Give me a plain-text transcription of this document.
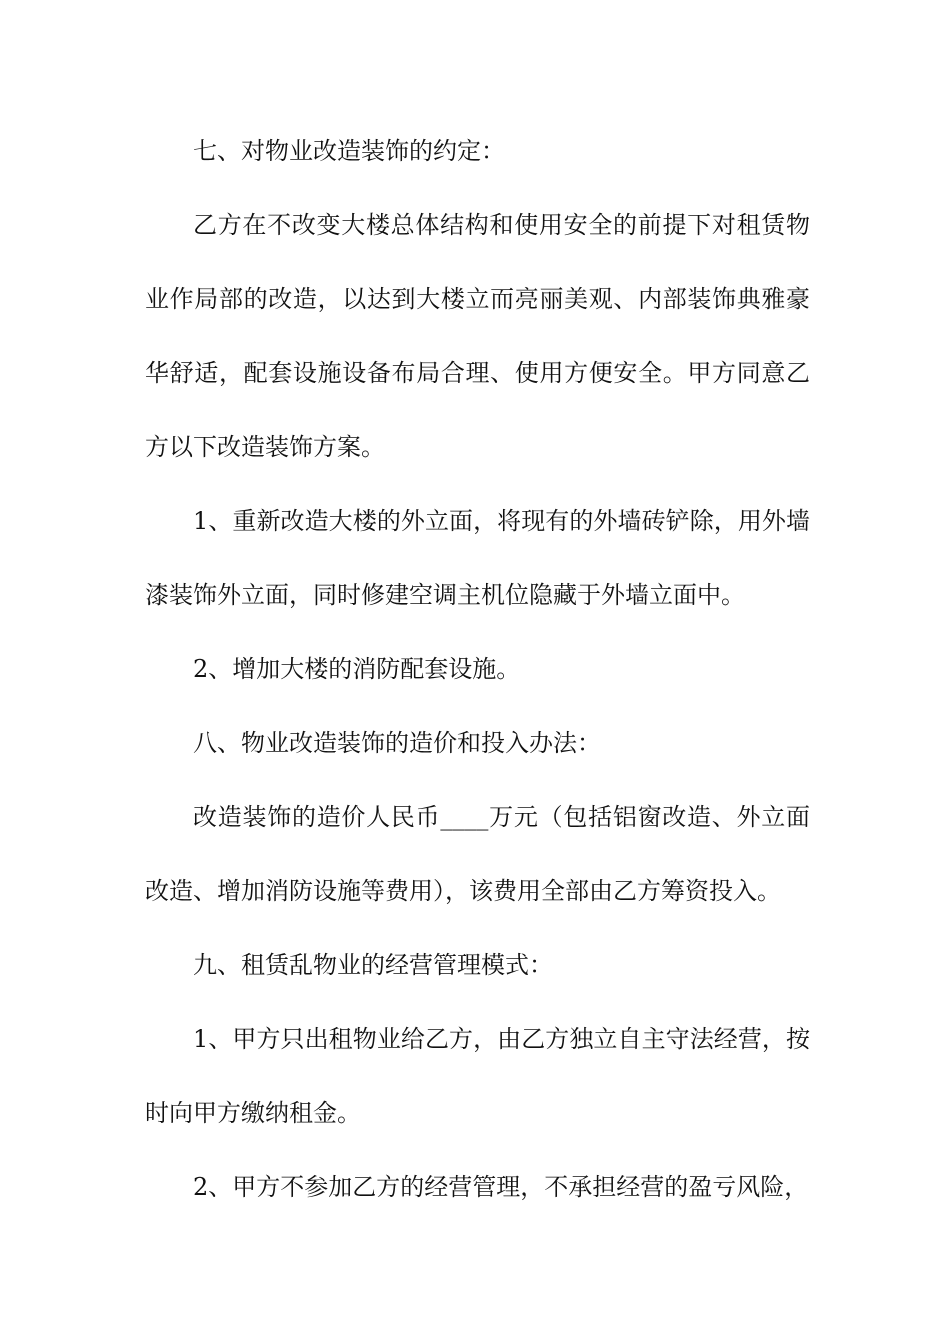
七、对物业改造装饰的约定：

乙方在不改变大楼总体结构和使用安全的前提下对租赁物业作局部的改造，以达到大楼立而亮丽美观、内部装饰典雅豪华舒适，配套设施设备布局合理、使用方便安全。甲方同意乙方以下改造装饰方案。

1、重新改造大楼的外立面，将现有的外墙砖铲除，用外墙漆装饰外立面，同时修建空调主机位隐藏于外墙立面中。

2、增加大楼的消防配套设施。

八、物业改造装饰的造价和投入办法：

改造装饰的造价人民币____万元（包括铝窗改造、外立面改造、增加消防设施等费用），该费用全部由乙方筹资投入。

九、租赁乱物业的经营管理模式：

1、甲方只出租物业给乙方，由乙方独立自主守法经营，按时向甲方缴纳租金。

2、甲方不参加乙方的经营管理，不承担经营的盈亏风险，
